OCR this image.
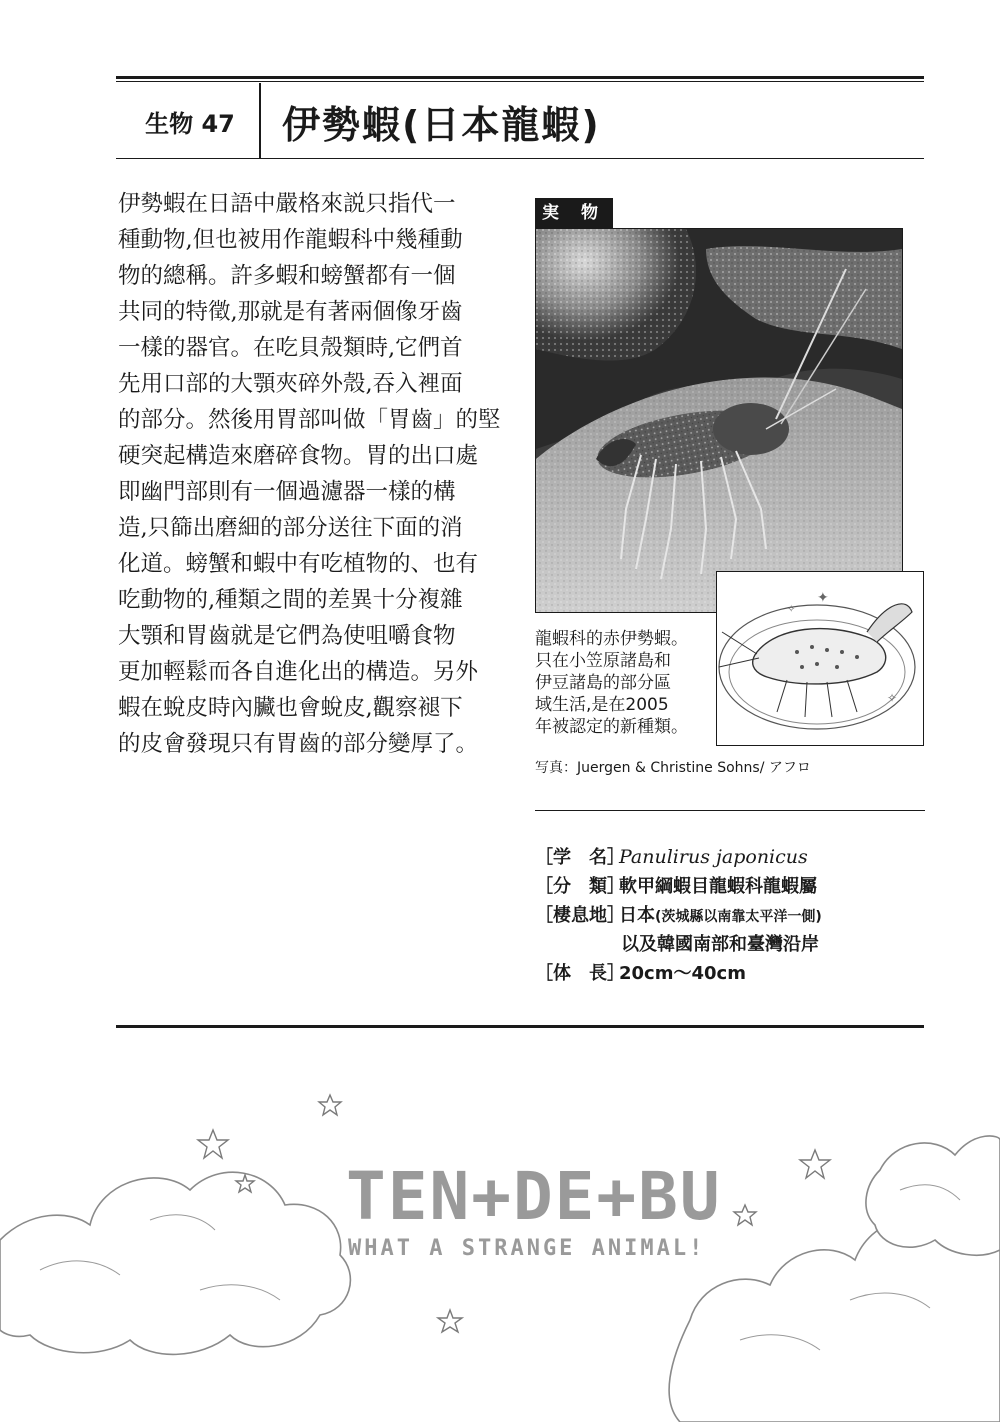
生物 47	伊勢蝦(日本龍蝦)
伊勢蝦在日語中嚴格來説只指代一
種動物,但也被用作龍蝦科中幾種動
物的總稱。許多蝦和螃蟹都有一個
共同的特徵,那就是有著兩個像牙齒
一樣的器官。在吃貝殼類時,它們首
先用口部的大顎夾碎外殼,吞入裡面
的部分。然後用胃部叫做「胃齒」的堅
硬突起構造來磨碎食物。胃的出口處
即幽門部則有一個過濾器一樣的構
造,只篩出磨細的部分送往下面的消
化道。螃蟹和蝦中有吃植物的、也有
吃動物的,種類之間的差異十分複雜
大顎和胃齒就是它們為使咀嚼食物
更加輕鬆而各自進化出的構造。另外
蝦在蛻皮時內臟也會蛻皮,觀察褪下
的皮會發現只有胃齒的部分變厚了。
実 物
✦
✧
✧
龍蝦科的赤伊勢蝦。
只在小笠原諸島和
伊豆諸島的部分區
域生活,是在2005
年被認定的新種類。
写真：Juergen & Christine Sohns/ アフロ
［学　名］Panulirus japonicus
［分　類］軟甲綱蝦目龍蝦科龍蝦屬
［棲息地］日本(茨城縣以南靠太平洋一側)
以及韓國南部和臺灣沿岸
［体　長］20cm～40cm
TEN+DE+BU
WHAT A STRANGE ANIMAL!
